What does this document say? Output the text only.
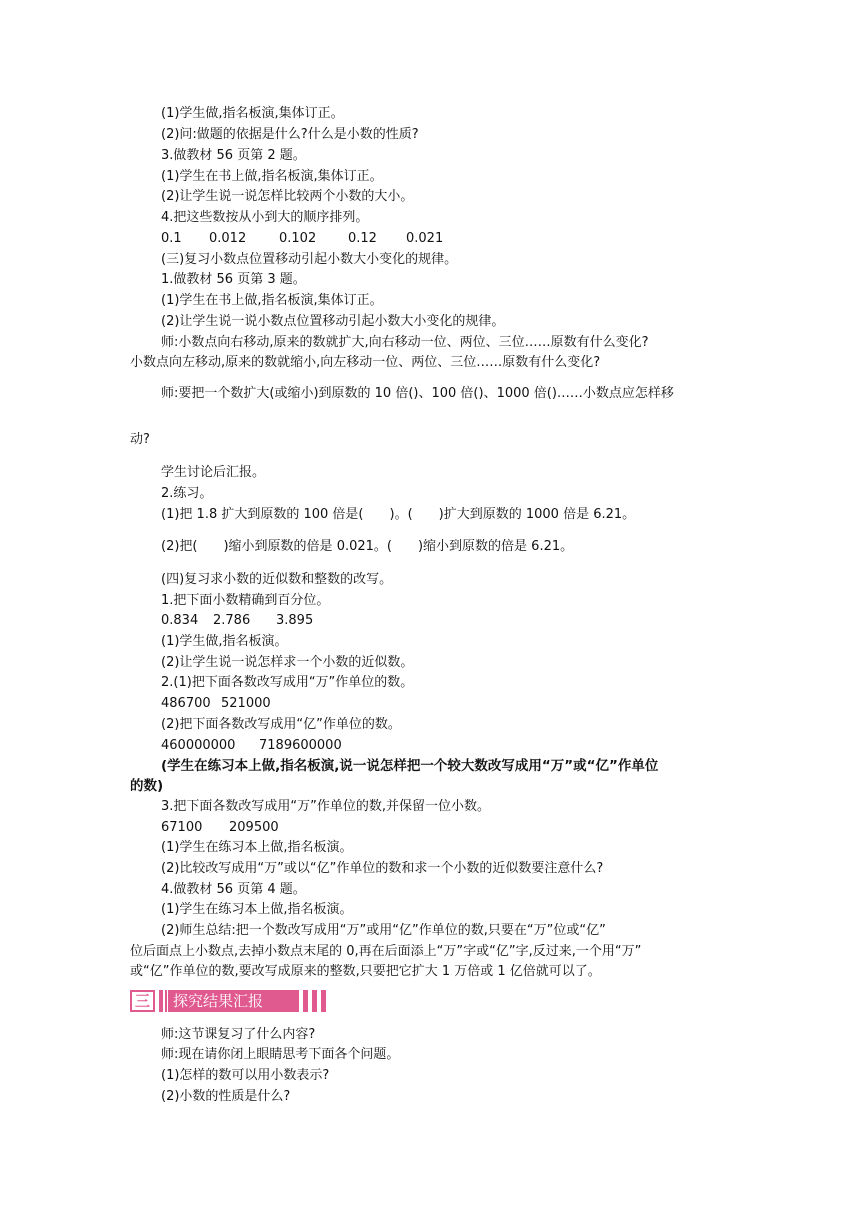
(1)学生做,指名板演,集体订正。
(2)问:做题的依据是什么?什么是小数的性质?
3.做教材 56 页第 2 题。
(1)学生在书上做,指名板演,集体订正。
(2)让学生说一说怎样比较两个小数的大小。
4.把这些数按从小到大的顺序排列。
0.1 0.012	0.102 0.12 0.021
(三)复习小数点位置移动引起小数大小变化的规律。
1.做教材 56 页第 3 题。
(1)学生在书上做,指名板演,集体订正。
(2)让学生说一说小数点位置移动引起小数大小变化的规律。
师:小数点向右移动,原来的数就扩大,向右移动一位、两位、三位……原数有什么变化?
小数点向左移动,原来的数就缩小,向左移动一位、两位、三位……原数有什么变化?
师:要把一个数扩大(或缩小)到原数的 10 倍()、100 倍()、1000 倍()……小数点应怎样移
动?
学生讨论后汇报。
2.练习。
(1)把 1.8 扩大到原数的 100 倍是(　　)。(　　)扩大到原数的 1000 倍是 6.21。
(2)把(　　)缩小到原数的倍是 0.021。(　　)缩小到原数的倍是 6.21。
(四)复习求小数的近似数和整数的改写。
1.把下面小数精确到百分位。
0.834 2.786 3.895
(1)学生做,指名板演。
(2)让学生说一说怎样求一个小数的近似数。
2.(1)把下面各数改写成用“万”作单位的数。
486700 521000
(2)把下面各数改写成用“亿”作单位的数。
460000000 7189600000
(学生在练习本上做,指名板演,说一说怎样把一个较大数改写成用“万”或“亿”作单位
的数)
3.把下面各数改写成用“万”作单位的数,并保留一位小数。
67100 209500
(1)学生在练习本上做,指名板演。
(2)比较改写成用“万”或以“亿”作单位的数和求一个小数的近似数要注意什么?
4.做教材 56 页第 4 题。
(1)学生在练习本上做,指名板演。
(2)师生总结:把一个数改写成用“万”或用“亿”作单位的数,只要在“万”位或“亿”
位后面点上小数点,去掉小数点末尾的 0,再在后面添上“万”字或“亿”字,反过来,一个用“万”
或“亿”作单位的数,要改写成原来的整数,只要把它扩大 1 万倍或 1 亿倍就可以了。
三	探究结果汇报
师:这节课复习了什么内容?
师:现在请你闭上眼睛思考下面各个问题。
(1)怎样的数可以用小数表示?
(2)小数的性质是什么?
